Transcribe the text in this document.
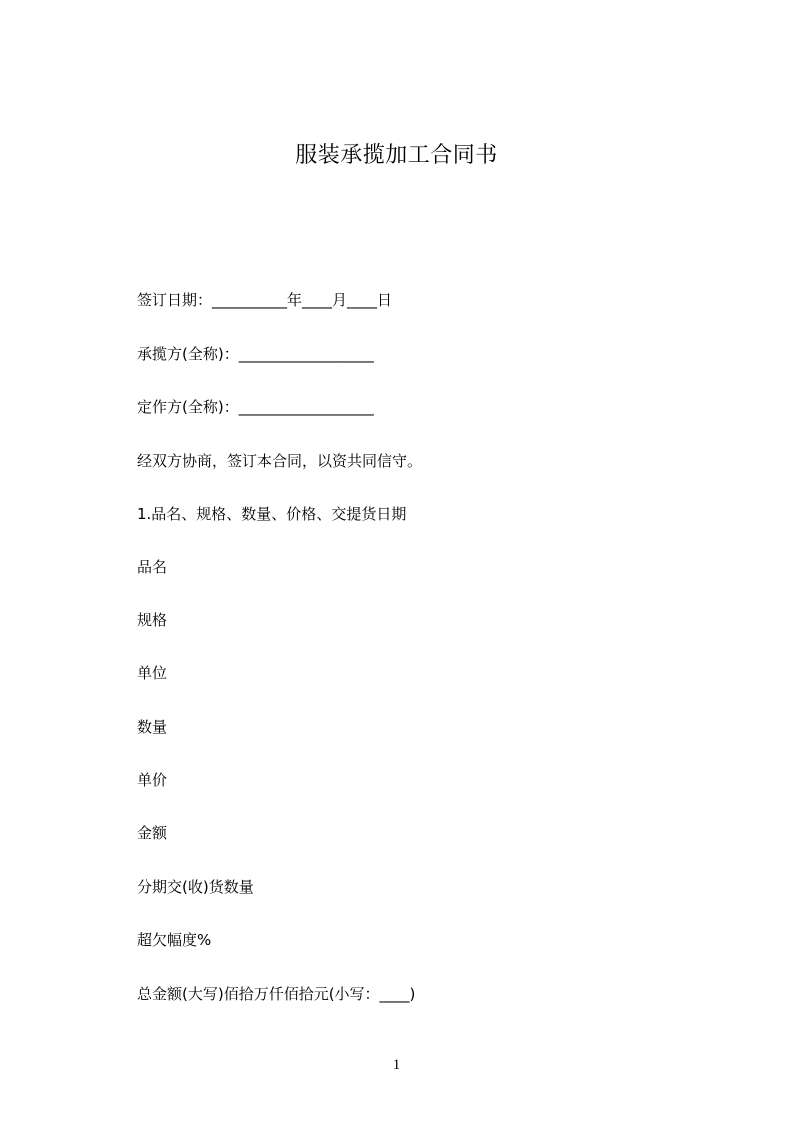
服装承揽加工合同书
签订日期：__________年____月____日
承揽方(全称)：__________________
定作方(全称)：__________________
经双方协商，签订本合同，以资共同信守。
1.品名、规格、数量、价格、交提货日期
品名
规格
单位
数量
单价
金额
分期交(收)货数量
超欠幅度%
总金额(大写)佰拾万仟佰拾元(小写：____)
1
